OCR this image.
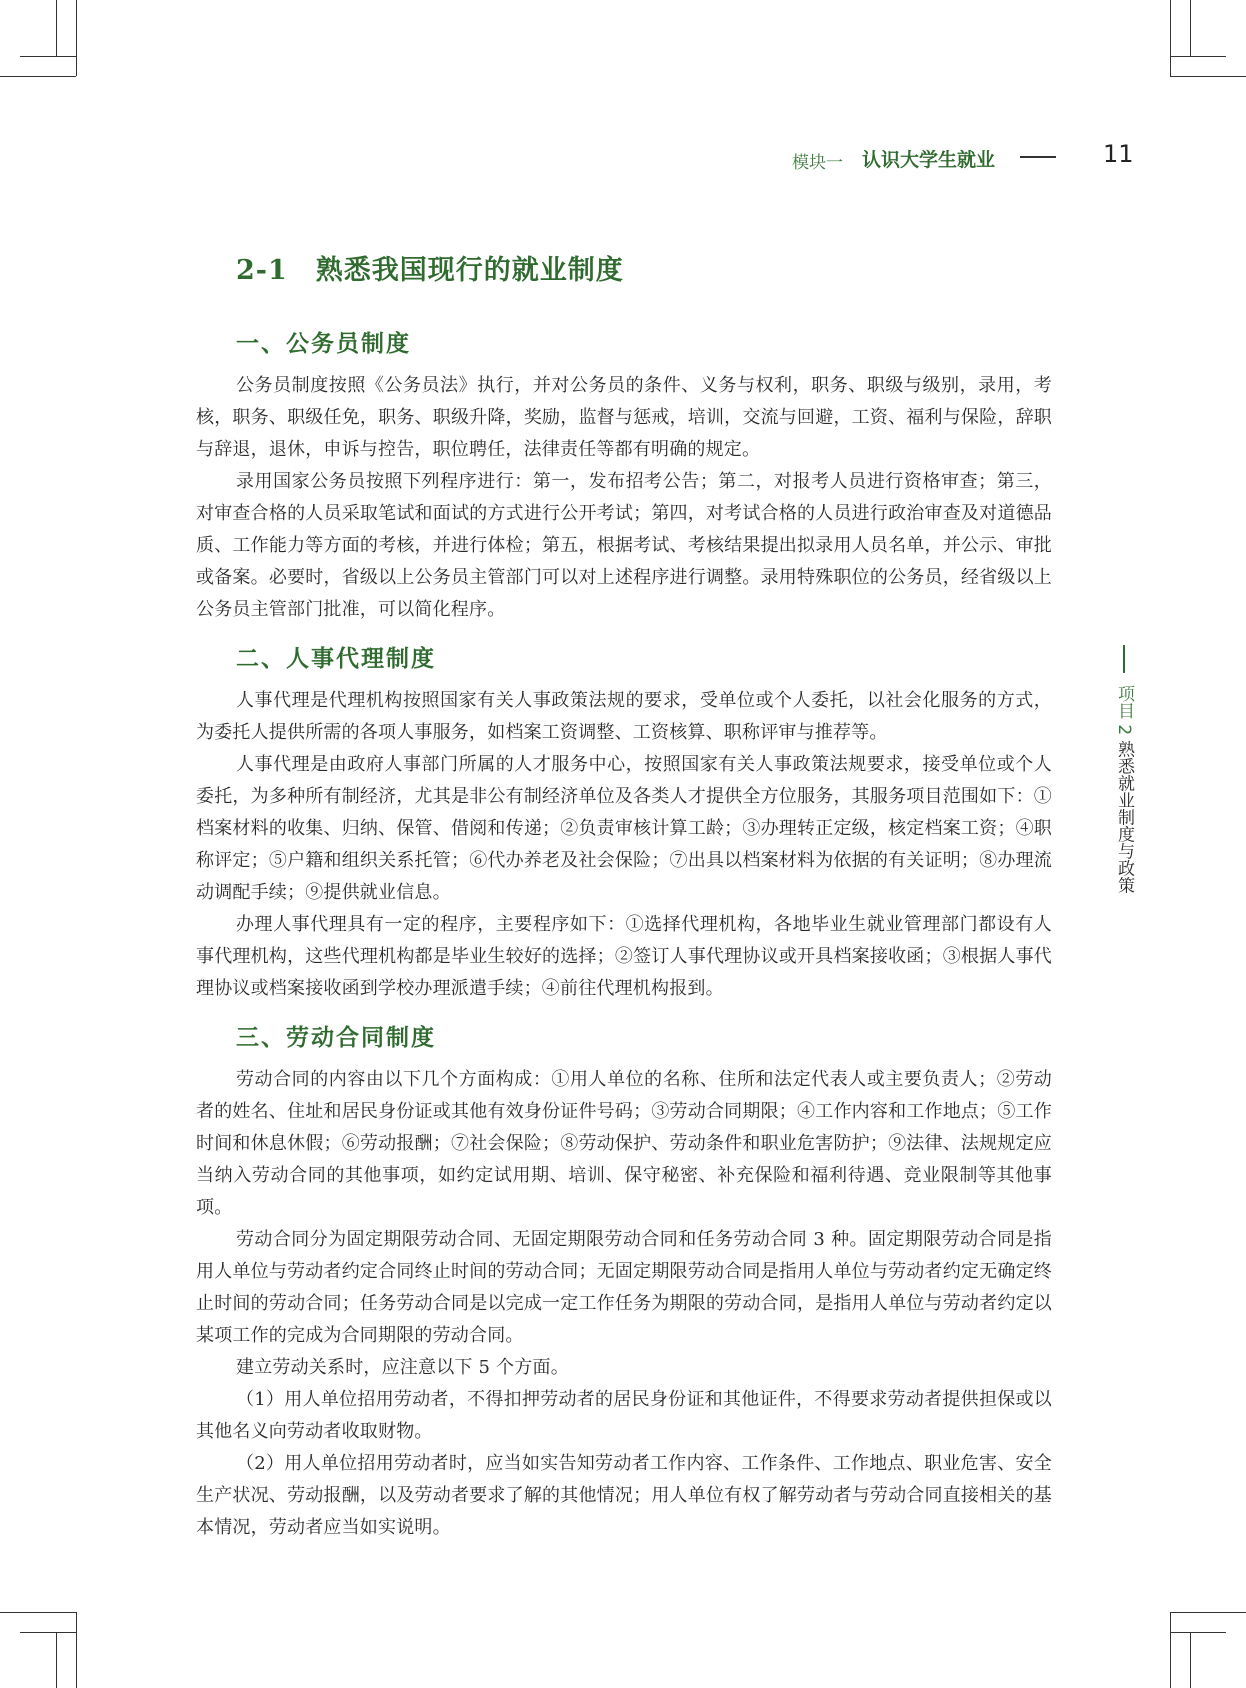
模块一 认识大学生就业	11
项目 2 熟悉就业制度与政策
2-1 熟悉我国现行的就业制度
一、公务员制度

公务员制度按照《公务员法》执行，并对公务员的条件、义务与权利，职务、职级与级别，录用，考核，职务、职级任免，职务、职级升降，奖励，监督与惩戒，培训，交流与回避，工资、福利与保险，辞职与辞退，退休，申诉与控告，职位聘任，法律责任等都有明确的规定。

录用国家公务员按照下列程序进行：第一，发布招考公告；第二，对报考人员进行资格审查；第三，对审查合格的人员采取笔试和面试的方式进行公开考试；第四，对考试合格的人员进行政治审查及对道德品质、工作能力等方面的考核，并进行体检；第五，根据考试、考核结果提出拟录用人员名单，并公示、审批或备案。必要时，省级以上公务员主管部门可以对上述程序进行调整。录用特殊职位的公务员，经省级以上公务员主管部门批准，可以简化程序。

二、人事代理制度

人事代理是代理机构按照国家有关人事政策法规的要求，受单位或个人委托，以社会化服务的方式，为委托人提供所需的各项人事服务，如档案工资调整、工资核算、职称评审与推荐等。

人事代理是由政府人事部门所属的人才服务中心，按照国家有关人事政策法规要求，接受单位或个人委托，为多种所有制经济，尤其是非公有制经济单位及各类人才提供全方位服务，其服务项目范围如下：①档案材料的收集、归纳、保管、借阅和传递；②负责审核计算工龄；③办理转正定级，核定档案工资；④职称评定；⑤户籍和组织关系托管；⑥代办养老及社会保险；⑦出具以档案材料为依据的有关证明；⑧办理流动调配手续；⑨提供就业信息。

办理人事代理具有一定的程序，主要程序如下：①选择代理机构，各地毕业生就业管理部门都设有人事代理机构，这些代理机构都是毕业生较好的选择；②签订人事代理协议或开具档案接收函；③根据人事代理协议或档案接收函到学校办理派遣手续；④前往代理机构报到。

三、劳动合同制度

劳动合同的内容由以下几个方面构成：①用人单位的名称、住所和法定代表人或主要负责人；②劳动者的姓名、住址和居民身份证或其他有效身份证件号码；③劳动合同期限；④工作内容和工作地点；⑤工作时间和休息休假；⑥劳动报酬；⑦社会保险；⑧劳动保护、劳动条件和职业危害防护；⑨法律、法规规定应当纳入劳动合同的其他事项，如约定试用期、培训、保守秘密、补充保险和福利待遇、竞业限制等其他事项。

劳动合同分为固定期限劳动合同、无固定期限劳动合同和任务劳动合同 3 种。固定期限劳动合同是指用人单位与劳动者约定合同终止时间的劳动合同；无固定期限劳动合同是指用人单位与劳动者约定无确定终止时间的劳动合同；任务劳动合同是以完成一定工作任务为期限的劳动合同，是指用人单位与劳动者约定以某项工作的完成为合同期限的劳动合同。

建立劳动关系时，应注意以下 5 个方面。

（1）用人单位招用劳动者，不得扣押劳动者的居民身份证和其他证件，不得要求劳动者提供担保或以其他名义向劳动者收取财物。

（2）用人单位招用劳动者时，应当如实告知劳动者工作内容、工作条件、工作地点、职业危害、安全生产状况、劳动报酬，以及劳动者要求了解的其他情况；用人单位有权了解劳动者与劳动合同直接相关的基本情况，劳动者应当如实说明。
